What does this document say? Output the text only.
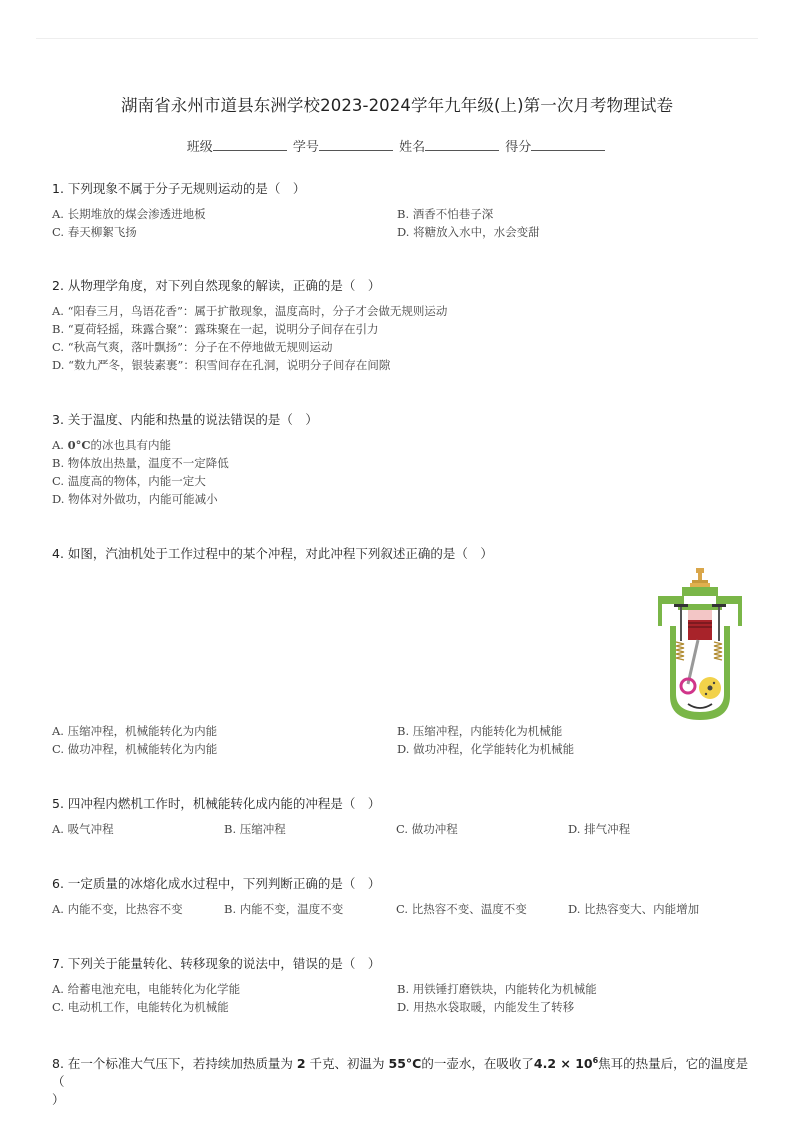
湖南省永州市道县东洲学校2023-2024学年九年级(上)第一次月考物理试卷
班级	学号	姓名	得分
1. 下列现象不属于分子无规则运动的是（　）
A. 长期堆放的煤会渗透进地板	B. 酒香不怕巷子深
C. 春天柳絮飞扬	D. 将糖放入水中，水会变甜
2. 从物理学角度，对下列自然现象的解读，正确的是（　）
A. “阳春三月，鸟语花香”：属于扩散现象，温度高时，分子才会做无规则运动
B. “夏荷轻摇，珠露合聚”：露珠聚在一起，说明分子间存在引力
C. “秋高气爽，落叶飘扬”：分子在不停地做无规则运动
D. “数九严冬，银装素裹”：积雪间存在孔洞，说明分子间存在间隙
3. 关于温度、内能和热量的说法错误的是（　）
A. 0°C的冰也具有内能
B. 物体放出热量，温度不一定降低
C. 温度高的物体，内能一定大
D. 物体对外做功，内能可能减小
4. 如图，汽油机处于工作过程中的某个冲程，对此冲程下列叙述正确的是（　）
A. 压缩冲程，机械能转化为内能	B. 压缩冲程，内能转化为机械能
C. 做功冲程，机械能转化为内能	D. 做功冲程，化学能转化为机械能
5. 四冲程内燃机工作时，机械能转化成内能的冲程是（　）
A. 吸气冲程	B. 压缩冲程	C. 做功冲程	D. 排气冲程
6. 一定质量的冰熔化成水过程中，下列判断正确的是（　）
A. 内能不变，比热容不变	B. 内能不变，温度不变	C. 比热容不变、温度不变	D. 比热容变大、内能增加
7. 下列关于能量转化、转移现象的说法中，错误的是（　）
A. 给蓄电池充电，电能转化为化学能	B. 用铁锤打磨铁块，内能转化为机械能
C. 电动机工作，电能转化为机械能	D. 用热水袋取暖，内能发生了转移
8. 在一个标准大气压下，若持续加热质量为 2 千克、初温为 55°C的一壶水，在吸收了$4.2 \times 10^6$焦耳的热量后，它的温度是（
）
